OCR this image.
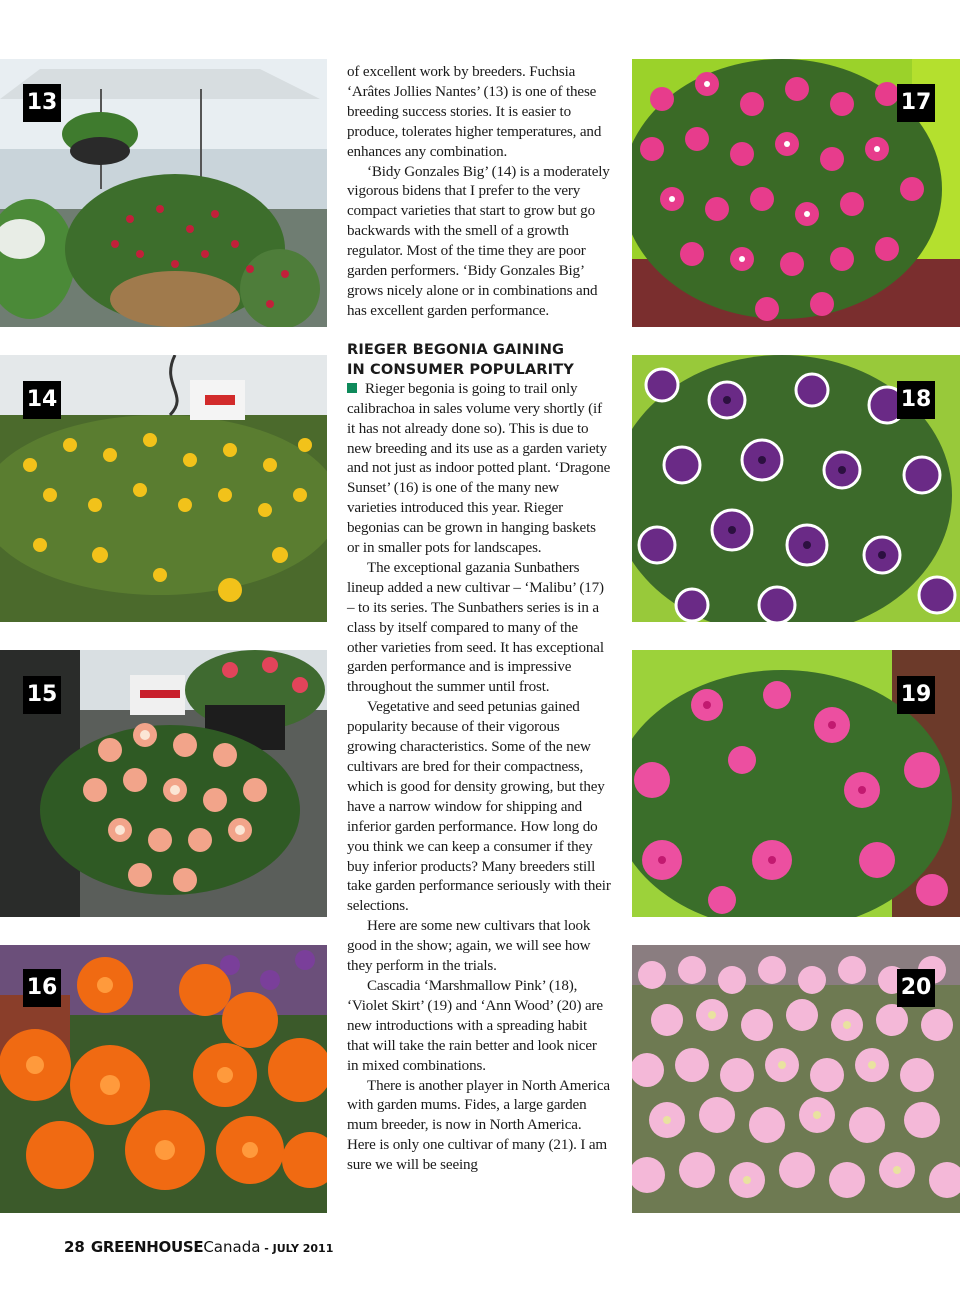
13
14
15
16
17
18
19
20

of excellent work by breeders. Fuchsia ‘Arâtes Jollies Nantes’ (13) is one of these breeding success stories. It is easier to produce, tolerates higher temperatures, and enhances any combination.

‘Bidy Gonzales Big’ (14) is a moderately vigorous bidens that I prefer to the very compact varieties that start to grow but go backwards with the smell of a growth regulator. Most of the time they are poor garden performers. ‘Bidy Gonzales Big’ grows nicely alone or in combinations and has excellent garden performance.

RIEGER BEGONIA GAINING
IN CONSUMER POPULARITY

Rieger begonia is going to trail only calibrachoa in sales volume very shortly (if it has not already done so). This is due to new breeding and its use as a garden variety and not just as indoor potted plant. ‘Dragone Sunset’ (16) is one of the many new varieties introduced this year. Rieger begonias can be grown in hanging baskets or in smaller pots for landscapes.

The exceptional gazania Sunbathers lineup added a new cultivar – ‘Malibu’ (17) – to its series. The Sunbathers series is in a class by itself compared to many of the other varieties from seed. It has exceptional garden performance and is impressive throughout the summer until frost.

Vegetative and seed petunias gained popularity because of their vigorous growing characteristics. Some of the new cultivars are bred for their compactness, which is good for density growing, but they have a narrow window for shipping and inferior garden performance. How long do you think we can keep a consumer if they buy inferior products? Many breeders still take garden performance seriously with their selections.

Here are some new cultivars that look good in the show; again, we will see how they perform in the trials.

Cascadia ‘Marshmallow Pink’ (18), ‘Violet Skirt’ (19) and ‘Ann Wood’ (20) are new introductions with a spreading habit that will take the rain better and look nicer in mixed combinations.

There is another player in North America with garden mums. Fides, a large garden mum breeder, is now in North America. Here is only one cultivar of many (21). I am sure we will be seeing

28 GREENHOUSECanada - JULY 2011
